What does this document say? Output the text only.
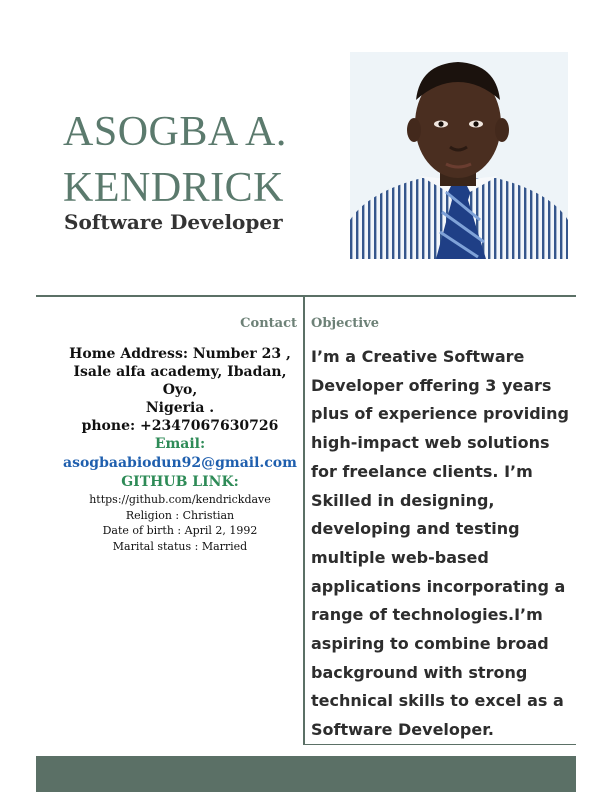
ASOGBA A.
KENDRICK
Software Developer
Contact Objective
Home Address: Number 23 ,
Isale alfa academy, Ibadan,
Oyo,
Nigeria .
phone: +2347067630726
Email:
asogbaabiodun92@gmail.com
GITHUB LINK:
https://github.com/kendrickdave
Religion : Christian
Date of birth : April 2, 1992
Marital status : Married

I’m a Creative Software
Developer offering 3 years
plus of experience providing
high-impact web solutions
for freelance clients. I’m
Skilled in designing,
developing and testing
multiple web-based
applications incorporating a
range of technologies.I’m
aspiring to combine broad
background with strong
technical skills to excel as a
Software Developer.
